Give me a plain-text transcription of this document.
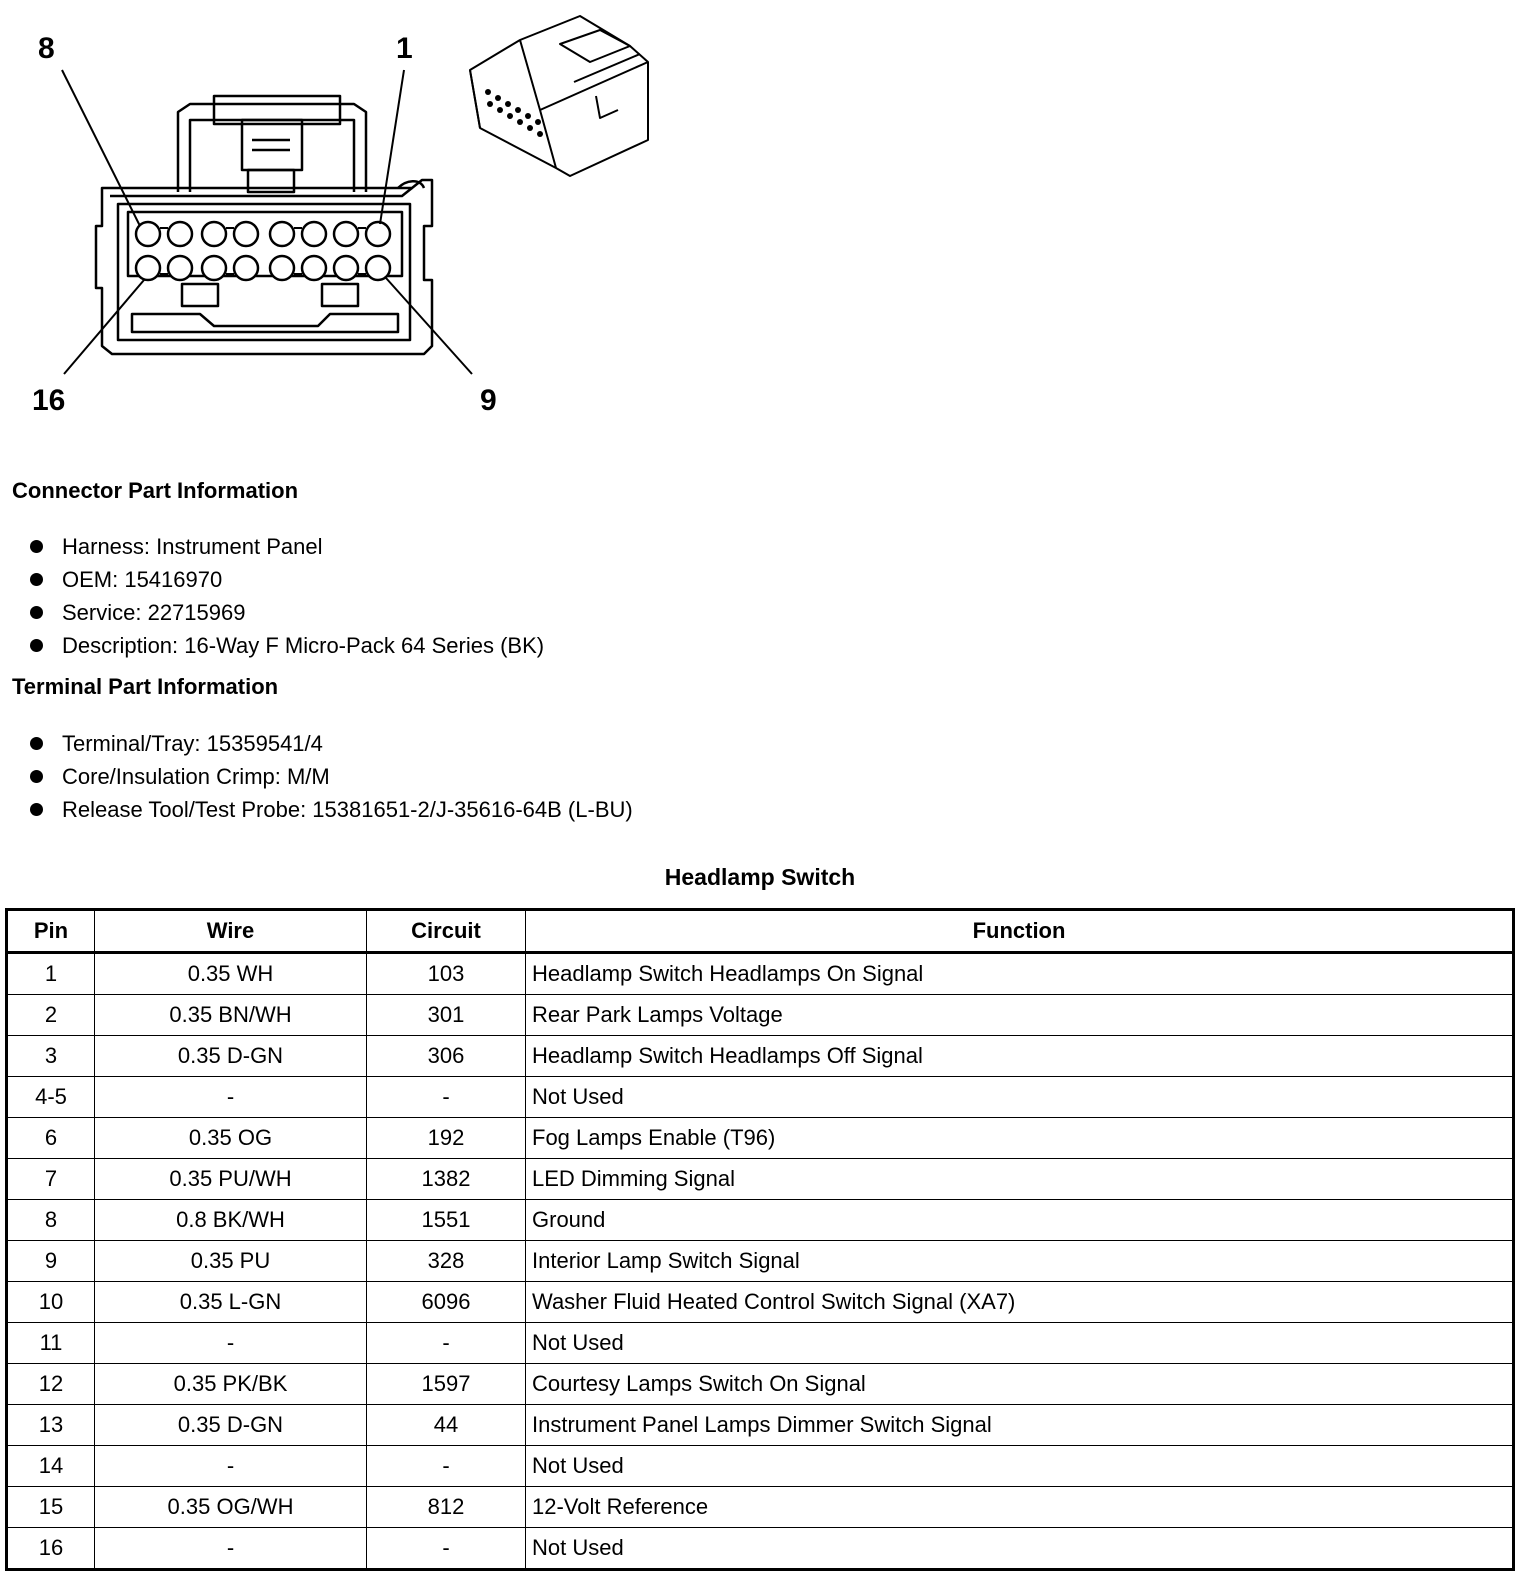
8	1
16	9
Connector Part Information
Harness: Instrument Panel
OEM: 15416970
Service: 22715969
Description: 16-Way F Micro-Pack 64 Series (BK)
Terminal Part Information
Terminal/Tray: 15359541/4
Core/Insulation Crimp: M/M
Release Tool/Test Probe: 15381651-2/J-35616-64B (L-BU)
Headlamp Switch
Pin	Wire	Circuit	Function
1	0.35 WH	103	Headlamp Switch Headlamps On Signal
2	0.35 BN/WH	301	Rear Park Lamps Voltage
3	0.35 D-GN	306	Headlamp Switch Headlamps Off Signal
4-5	-	-	Not Used
6	0.35 OG	192	Fog Lamps Enable (T96)
7	0.35 PU/WH	1382	LED Dimming Signal
8	0.8 BK/WH	1551	Ground
9	0.35 PU	328	Interior Lamp Switch Signal
10	0.35 L-GN	6096	Washer Fluid Heated Control Switch Signal (XA7)
11	-	-	Not Used
12	0.35 PK/BK	1597	Courtesy Lamps Switch On Signal
13	0.35 D-GN	44	Instrument Panel Lamps Dimmer Switch Signal
14	-	-	Not Used
15	0.35 OG/WH	812	12-Volt Reference
16	-	-	Not Used
